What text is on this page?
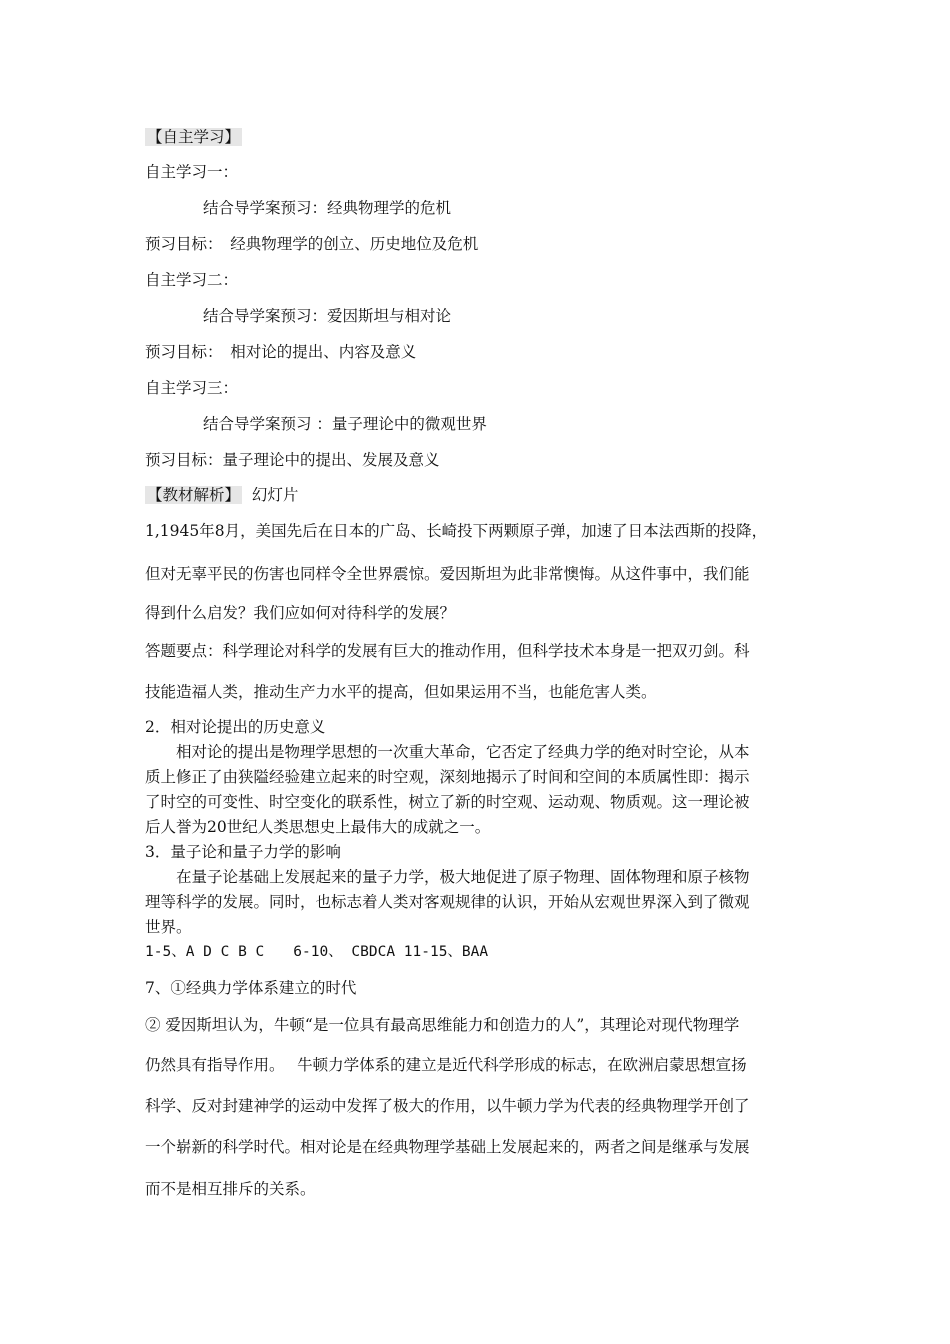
【自主学习】
自主学习一：
结合导学案预习：经典物理学的危机
预习目标：　经典物理学的创立、历史地位及危机
自主学习二：
结合导学案预习：爱因斯坦与相对论
预习目标：　相对论的提出、内容及意义
自主学习三：
结合导学案预习 ：量子理论中的微观世界
预习目标：量子理论中的提出、发展及意义
【教材解析】 幻灯片
1,1945年8月，美国先后在日本的广岛、长崎投下两颗原子弹，加速了日本法西斯的投降，
但对无辜平民的伤害也同样令全世界震惊。爱因斯坦为此非常懊悔。从这件事中，我们能
得到什么启发？我们应如何对待科学的发展？
答题要点：科学理论对科学的发展有巨大的推动作用，但科学技术本身是一把双刃剑。科
技能造福人类，推动生产力水平的提高，但如果运用不当，也能危害人类。
2．相对论提出的历史意义
相对论的提出是物理学思想的一次重大革命，它否定了经典力学的绝对时空论，从本
质上修正了由狭隘经验建立起来的时空观，深刻地揭示了时间和空间的本质属性即：揭示
了时空的可变性、时空变化的联系性，树立了新的时空观、运动观、物质观。这一理论被
后人誉为20世纪人类思想史上最伟大的成就之一。
3．量子论和量子力学的影响
在量子论基础上发展起来的量子力学，极大地促进了原子物理、固体物理和原子核物
理等科学的发展。同时，也标志着人类对客观规律的认识，开始从宏观世界深入到了微观
世界。
1-5、A D C B C　　6-10、 CBDCA 11-15、BAA
7、①经典力学体系建立的时代
② 爱因斯坦认为，牛顿“是一位具有最高思维能力和创造力的人”，其理论对现代物理学
仍然具有指导作用。　 牛顿力学体系的建立是近代科学形成的标志，在欧洲启蒙思想宣扬
科学、反对封建神学的运动中发挥了极大的作用，以牛顿力学为代表的经典物理学开创了
一个崭新的科学时代。相对论是在经典物理学基础上发展起来的，两者之间是继承与发展
而不是相互排斥的关系。
